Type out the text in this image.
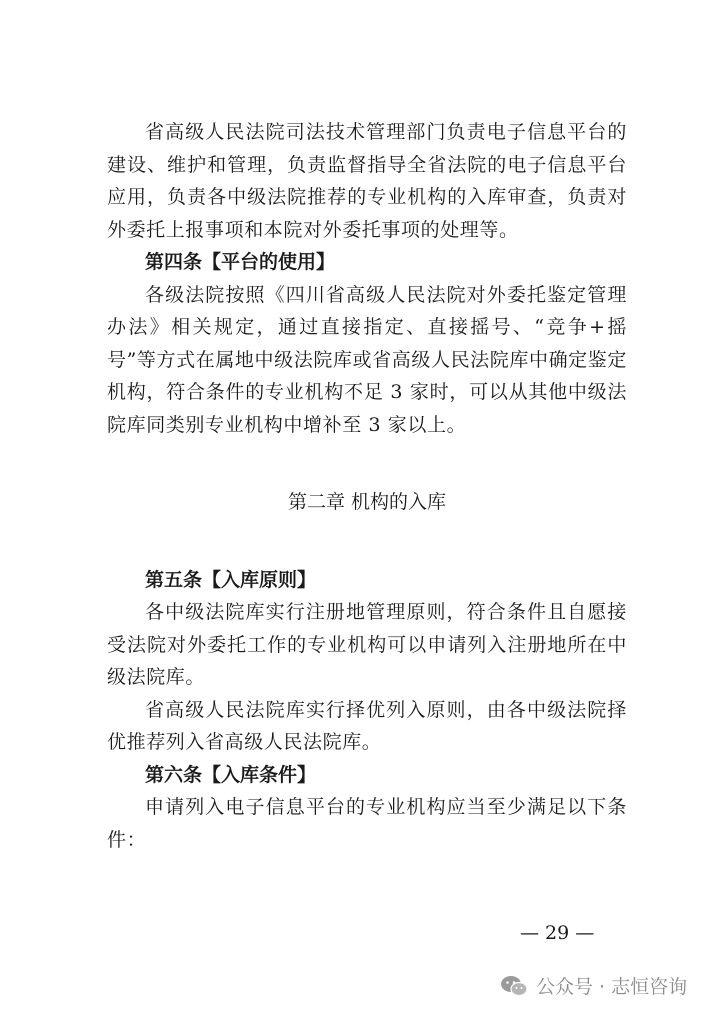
省高级人民法院司法技术管理部门负责电子信息平台的建设、维护和管理，负责监督指导全省法院的电子信息平台应用，负责各中级法院推荐的专业机构的入库审查，负责对外委托上报事项和本院对外委托事项的处理等。

第四条【平台的使用】

各级法院按照《四川省高级人民法院对外委托鉴定管理办法》相关规定，通过直接指定、直接摇号、“竞争+摇号”等方式在属地中级法院库或省高级人民法院库中确定鉴定机构，符合条件的专业机构不足 3 家时，可以从其他中级法院库同类别专业机构中增补至 3 家以上。

第二章 机构的入库

第五条【入库原则】

各中级法院库实行注册地管理原则，符合条件且自愿接受法院对外委托工作的专业机构可以申请列入注册地所在中级法院库。

省高级人民法院库实行择优列入原则，由各中级法院择优推荐列入省高级人民法院库。

第六条【入库条件】

申请列入电子信息平台的专业机构应当至少满足以下条件：

— 29 —
公众号 · 志恒咨询
